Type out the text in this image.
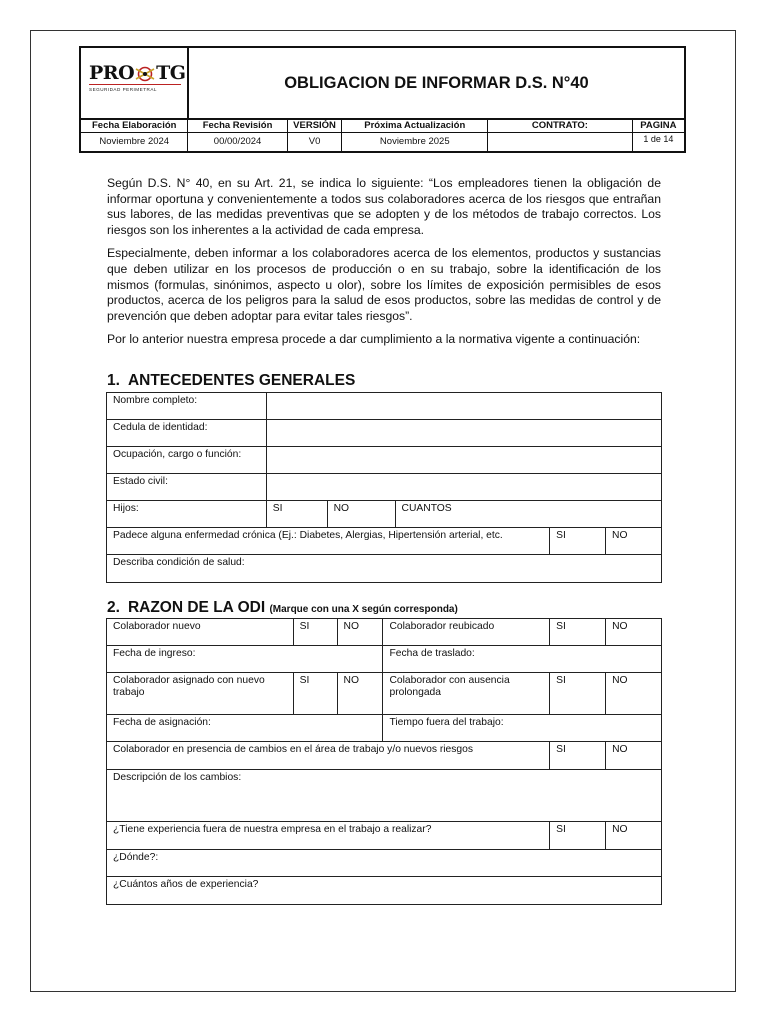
PRO TG
SEGURIDAD PERIMETRAL	OBLIGACION DE INFORMAR D.S. N°40				
Fecha Elaboración	Fecha Revisión	VERSIÓN	Próxima Actualización	CONTRATO:	PAGINA
Noviembre 2024	00/00/2024	V0	Noviembre 2025		1 de 14

Según D.S. N° 40, en su Art. 21, se indica lo siguiente: “Los empleadores tienen la obligación de informar oportuna y convenientemente a todos sus colaboradores acerca de los riesgos que entrañan sus labores, de las medidas preventivas que se adopten y de los métodos de trabajo correctos. Los riesgos son los inherentes a la actividad de cada empresa.

Especialmente, deben informar a los colaboradores acerca de los elementos, productos y sustancias que deben utilizar en los procesos de producción o en su trabajo, sobre la identificación de los mismos (formulas, sinónimos, aspecto u olor), sobre los límites de exposición permisibles de esos productos, acerca de los peligros para la salud de esos productos, sobre las medidas de control y de prevención que deben adoptar para evitar tales riesgos”.

Por lo anterior nuestra empresa procede a dar cumplimiento a la normativa vigente a continuación:

1. ANTECEDENTES GENERALES
Nombre completo:					
Cedula de identidad:					
Ocupación, cargo o función:					
Estado civil:					
Hijos:	SI	NO	CUANTOS		
Padece alguna enfermedad crónica (Ej.: Diabetes, Alergias, Hipertensión arterial, etc.				SI	NO
Describa condición de salud:					
2. RAZON DE LA ODI (Marque con una X según corresponda)
Colaborador nuevo	SI	NO	Colaborador reubicado	SI	NO
Fecha de ingreso:			Fecha de traslado:		
Colaborador asignado con nuevo trabajo	SI	NO	Colaborador con ausencia prolongada	SI	NO
Fecha de asignación:			Tiempo fuera del trabajo:		
Colaborador en presencia de cambios en el área de trabajo y/o nuevos riesgos				SI	NO
Descripción de los cambios:					
¿Tiene experiencia fuera de nuestra empresa en el trabajo a realizar?				SI	NO
¿Dónde?:					
¿Cuántos años de experiencia?					
